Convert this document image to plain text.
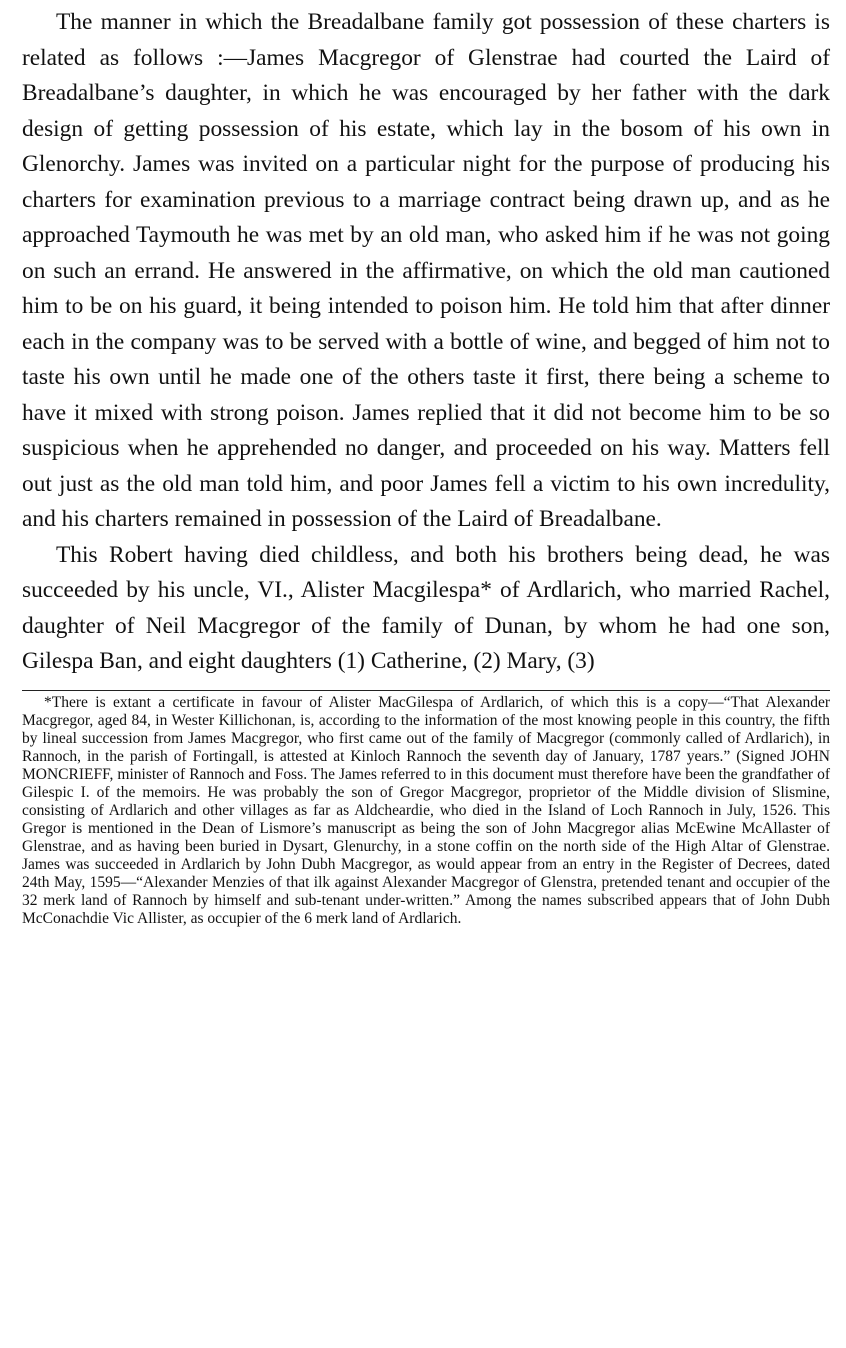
The manner in which the Breadalbane family got possession of these charters is related as follows :—James Macgregor of Glenstrae had courted the Laird of Breadalbane’s daughter, in which he was encouraged by her father with the dark design of getting possession of his estate, which lay in the bosom of his own in Glenorchy. James was invited on a particular night for the purpose of producing his charters for examination previous to a marriage contract being drawn up, and as he approached Taymouth he was met by an old man, who asked him if he was not going on such an errand. He answered in the affirmative, on which the old man cautioned him to be on his guard, it being intended to poison him. He told him that after dinner each in the company was to be served with a bottle of wine, and begged of him not to taste his own until he made one of the others taste it first, there being a scheme to have it mixed with strong poison. James replied that it did not become him to be so suspicious when he apprehended no danger, and proceeded on his way. Matters fell out just as the old man told him, and poor James fell a victim to his own incredulity, and his charters remained in possession of the Laird of Breadalbane.

This Robert having died childless, and both his brothers being dead, he was succeeded by his uncle, VI., Alister Macgilespa* of Ardlarich, who married Rachel, daughter of Neil Macgregor of the family of Dunan, by whom he had one son, Gilespa Ban, and eight daughters (1) Catherine, (2) Mary, (3)

*There is extant a certificate in favour of Alister MacGilespa of Ardlarich, of which this is a copy—“That Alexander Macgregor, aged 84, in Wester Killichonan, is, according to the information of the most knowing people in this country, the fifth by lineal succession from James Macgregor, who first came out of the family of Macgregor (commonly called of Ardlarich), in Rannoch, in the parish of Fortingall, is attested at Kinloch Rannoch the seventh day of January, 1787 years.” (Signed JOHN MONCRIEFF, minister of Rannoch and Foss. The James referred to in this document must therefore have been the grandfather of Gilespic I. of the memoirs. He was probably the son of Gregor Macgregor, proprietor of the Middle division of Slismine, consisting of Ardlarich and other villages as far as Aldcheardie, who died in the Island of Loch Rannoch in July, 1526. This Gregor is mentioned in the Dean of Lismore’s manuscript as being the son of John Macgregor alias McEwine McAllaster of Glenstrae, and as having been buried in Dysart, Glenurchy, in a stone coffin on the north side of the High Altar of Glenstrae. James was succeeded in Ardlarich by John Dubh Macgregor, as would appear from an entry in the Register of Decrees, dated 24th May, 1595—“Alexander Menzies of that ilk against Alexander Macgregor of Glenstra, pretended tenant and occupier of the 32 merk land of Rannoch by himself and sub-tenant under-written.” Among the names subscribed appears that of John Dubh McConachdie Vic Allister, as occupier of the 6 merk land of Ardlarich.
